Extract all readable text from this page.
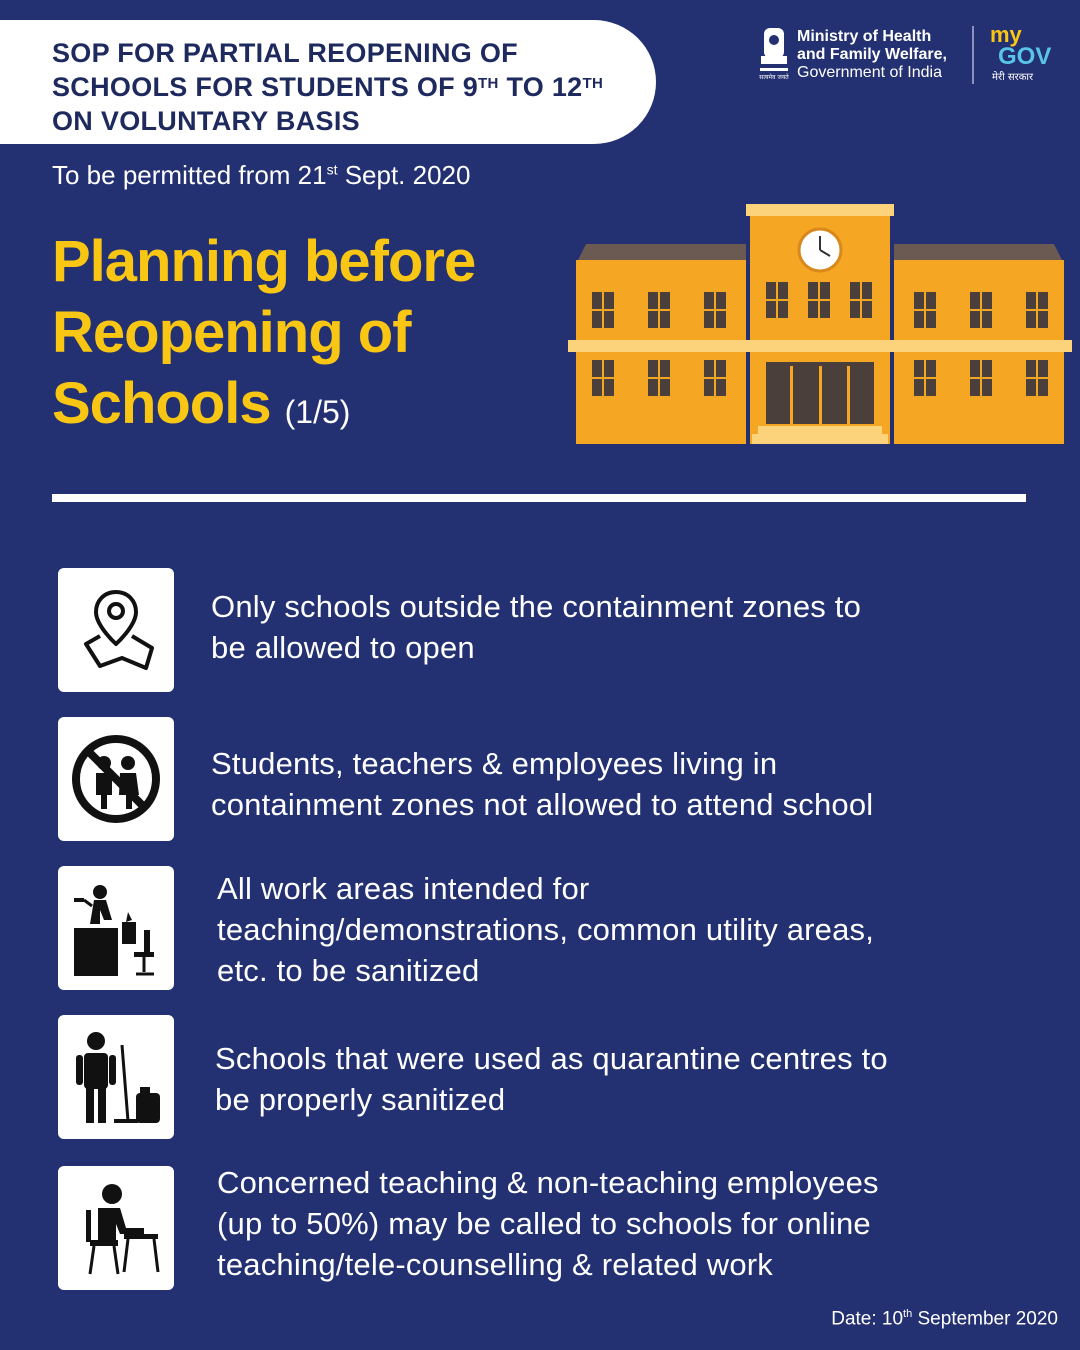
SOP FOR PARTIAL REOPENING OF
SCHOOLS FOR STUDENTS OF 9TH TO 12TH
ON VOLUNTARY BASIS
To be permitted from 21st Sept. 2020
Planning before
Reopening of
Schools (1/5)
सत्यमेव जयते
Ministry of Health
and Family Welfare,
Government of India
my
GOV
मेरी सरकार
Only schools outside the containment zones to
be allowed to open
Students, teachers & employees living in
containment zones not allowed to attend school
All work areas intended for
teaching/demonstrations, common utility areas,
etc. to be sanitized
Schools that were used as quarantine centres to
be properly sanitized
Concerned teaching & non-teaching employees
(up to 50%) may be called to schools for online
teaching/tele-counselling & related work
Date: 10th September 2020
